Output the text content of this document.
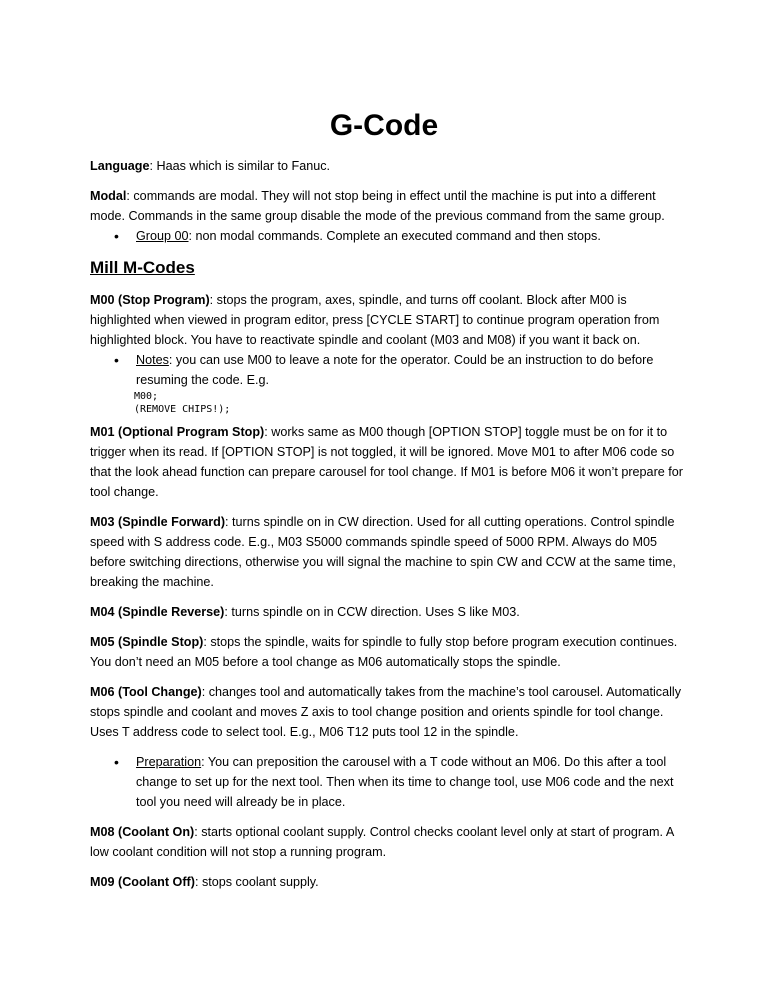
G-Code

Language: Haas which is similar to Fanuc.

Modal: commands are modal. They will not stop being in effect until the machine is put into a different mode. Commands in the same group disable the mode of the previous command from the same group.

• Group 00: non modal commands. Complete an executed command and then stops.
Mill M-Codes

M00 (Stop Program): stops the program, axes, spindle, and turns off coolant. Block after M00 is highlighted when viewed in program editor, press [CYCLE START] to continue program operation from highlighted block. You have to reactivate spindle and coolant (M03 and M08) if you want it back on.

• Notes: you can use M00 to leave a note for the operator. Could be an instruction to do before resuming the code. E.g.
M00;
(REMOVE CHIPS!);

M01 (Optional Program Stop): works same as M00 though [OPTION STOP] toggle must be on for it to trigger when its read. If [OPTION STOP] is not toggled, it will be ignored. Move M01 to after M06 code so that the look ahead function can prepare carousel for tool change. If M01 is before M06 it won’t prepare for tool change.

M03 (Spindle Forward): turns spindle on in CW direction. Used for all cutting operations. Control spindle speed with S address code. E.g., M03 S5000 commands spindle speed of 5000 RPM. Always do M05 before switching directions, otherwise you will signal the machine to spin CW and CCW at the same time, breaking the machine.

M04 (Spindle Reverse): turns spindle on in CCW direction. Uses S like M03.

M05 (Spindle Stop): stops the spindle, waits for spindle to fully stop before program execution continues. You don’t need an M05 before a tool change as M06 automatically stops the spindle.

M06 (Tool Change): changes tool and automatically takes from the machine’s tool carousel. Automatically stops spindle and coolant and moves Z axis to tool change position and orients spindle for tool change. Uses T address code to select tool. E.g., M06 T12 puts tool 12 in the spindle.

• Preparation: You can preposition the carousel with a T code without an M06. Do this after a tool change to set up for the next tool. Then when its time to change tool, use M06 code and the next tool you need will already be in place.

M08 (Coolant On): starts optional coolant supply. Control checks coolant level only at start of program. A low coolant condition will not stop a running program.

M09 (Coolant Off): stops coolant supply.
